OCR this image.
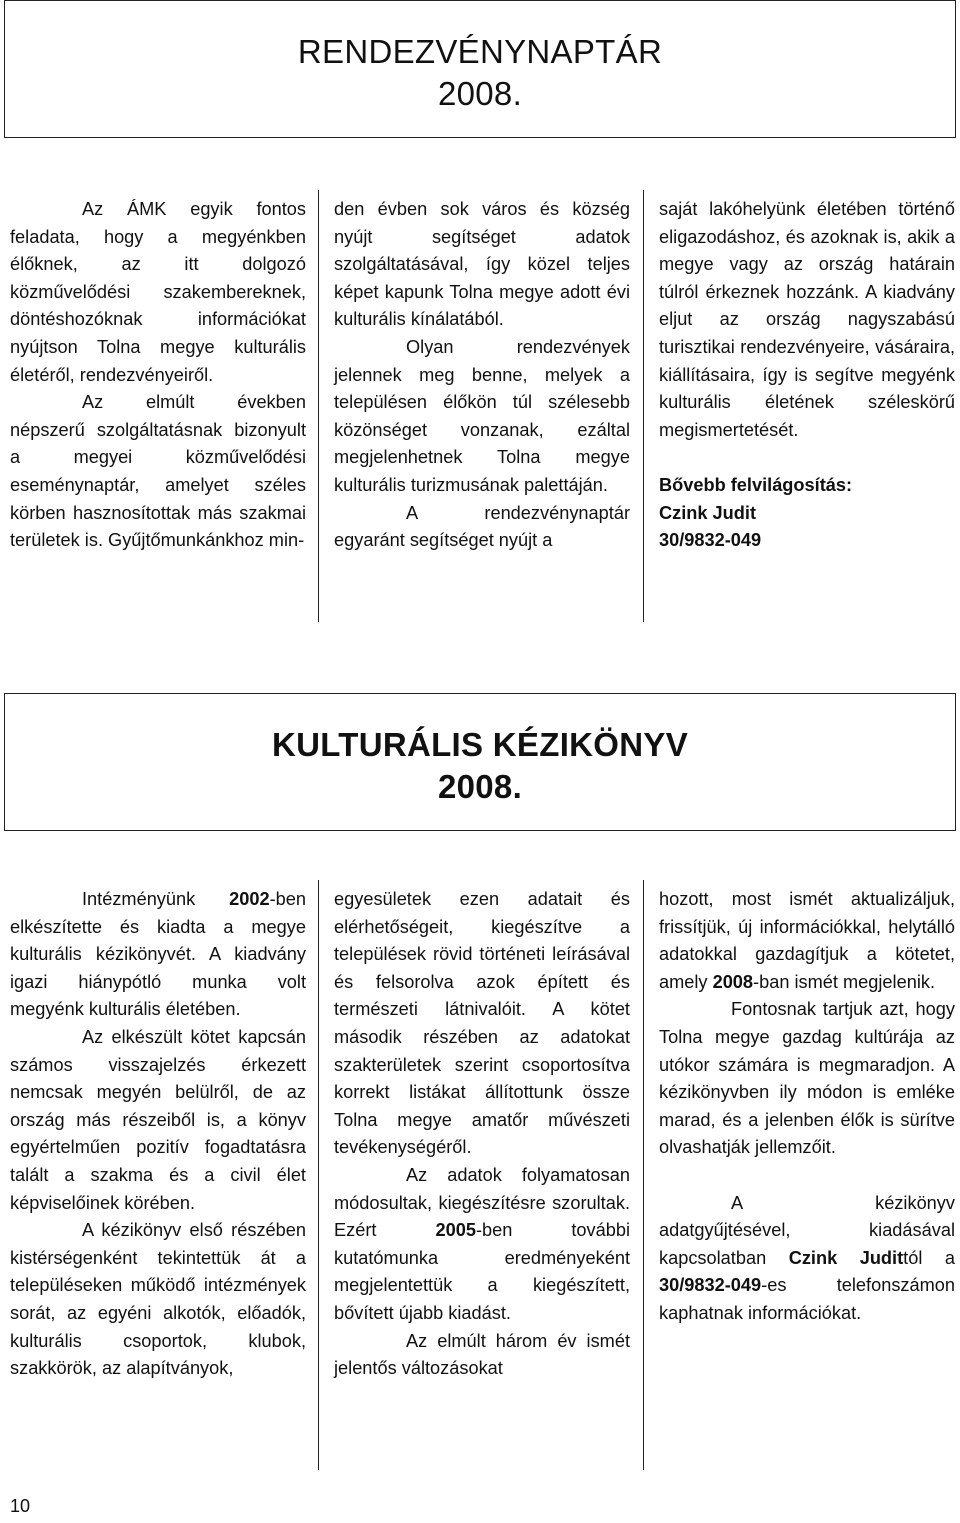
RENDEZVÉNYNAPTÁR
2008.

Az ÁMK egyik fontos feladata, hogy a megyénkben élőknek, az itt dolgozó közművelődési szakembereknek, döntéshozóknak információkat nyújtson Tolna megye kulturális életéről, rendezvényeiről.

Az elmúlt években népszerű szolgáltatásnak bizonyult a megyei közművelődési eseménynaptár, amelyet széles körben hasznosítottak más szakmai területek is. Gyűjtőmunkánkhoz min-

den évben sok város és község nyújt segítséget adatok szolgáltatásával, így közel teljes képet kapunk Tolna megye adott évi kulturális kínálatából.

Olyan rendezvények jelennek meg benne, melyek a településen élőkön túl szélesebb közönséget vonzanak, ezáltal megjelenhetnek Tolna megye kulturális turizmusának palettáján.

A rendezvénynaptár egyaránt segítséget nyújt a

saját lakóhelyünk életében történő eligazodáshoz, és azoknak is, akik a megye vagy az ország határain túlról érkeznek hozzánk. A kiadvány eljut az ország nagyszabású turisztikai rendezvényeire, vásáraira, kiállításaira, így is segítve megyénk kulturális életének széleskörű megismertetését.

Bővebb felvilágosítás:

Czink Judit

30/9832-049

KULTURÁLIS KÉZIKÖNYV
2008.

Intézményünk 2002-ben elkészítette és kiadta a megye kulturális kézikönyvét. A kiadvány igazi hiánypótló munka volt megyénk kulturális életében.

Az elkészült kötet kapcsán számos visszajelzés érkezett nemcsak megyén belülről, de az ország más részeiből is, a könyv egyértelműen pozitív fogadtatásra talált a szakma és a civil élet képviselőinek körében.

A kézikönyv első részében kistérségenként tekintettük át a településeken működő intézmények sorát, az egyéni alkotók, előadók, kulturális csoportok, klubok, szakkörök, az alapítványok,

egyesületek ezen adatait és elérhetőségeit, kiegészítve a települések rövid történeti leírásával és felsorolva azok épített és természeti látnivalóit. A kötet második részében az adatokat szakterületek szerint csoportosítva korrekt listákat állítottunk össze Tolna megye amatőr művészeti tevékenységéről.

Az adatok folyamatosan módosultak, kiegészítésre szorultak. Ezért 2005-ben további kutatómunka eredményeként megjelentettük a kiegészített, bővített újabb kiadást.

Az elmúlt három év ismét jelentős változásokat

hozott, most ismét aktualizáljuk, frissítjük, új információkkal, helytálló adatokkal gazdagítjuk a kötetet, amely 2008-ban ismét megjelenik.

Fontosnak tartjuk azt, hogy Tolna megye gazdag kultúrája az utókor számára is megmaradjon. A kézikönyvben ily módon is emléke marad, és a jelenben élők is sürítve olvashatják jellemzőit.

A kézikönyv adatgyűjtésével, kiadásával kapcsolatban Czink Judittól a 30/9832-049-es telefonszámon kaphatnak információkat.

10
